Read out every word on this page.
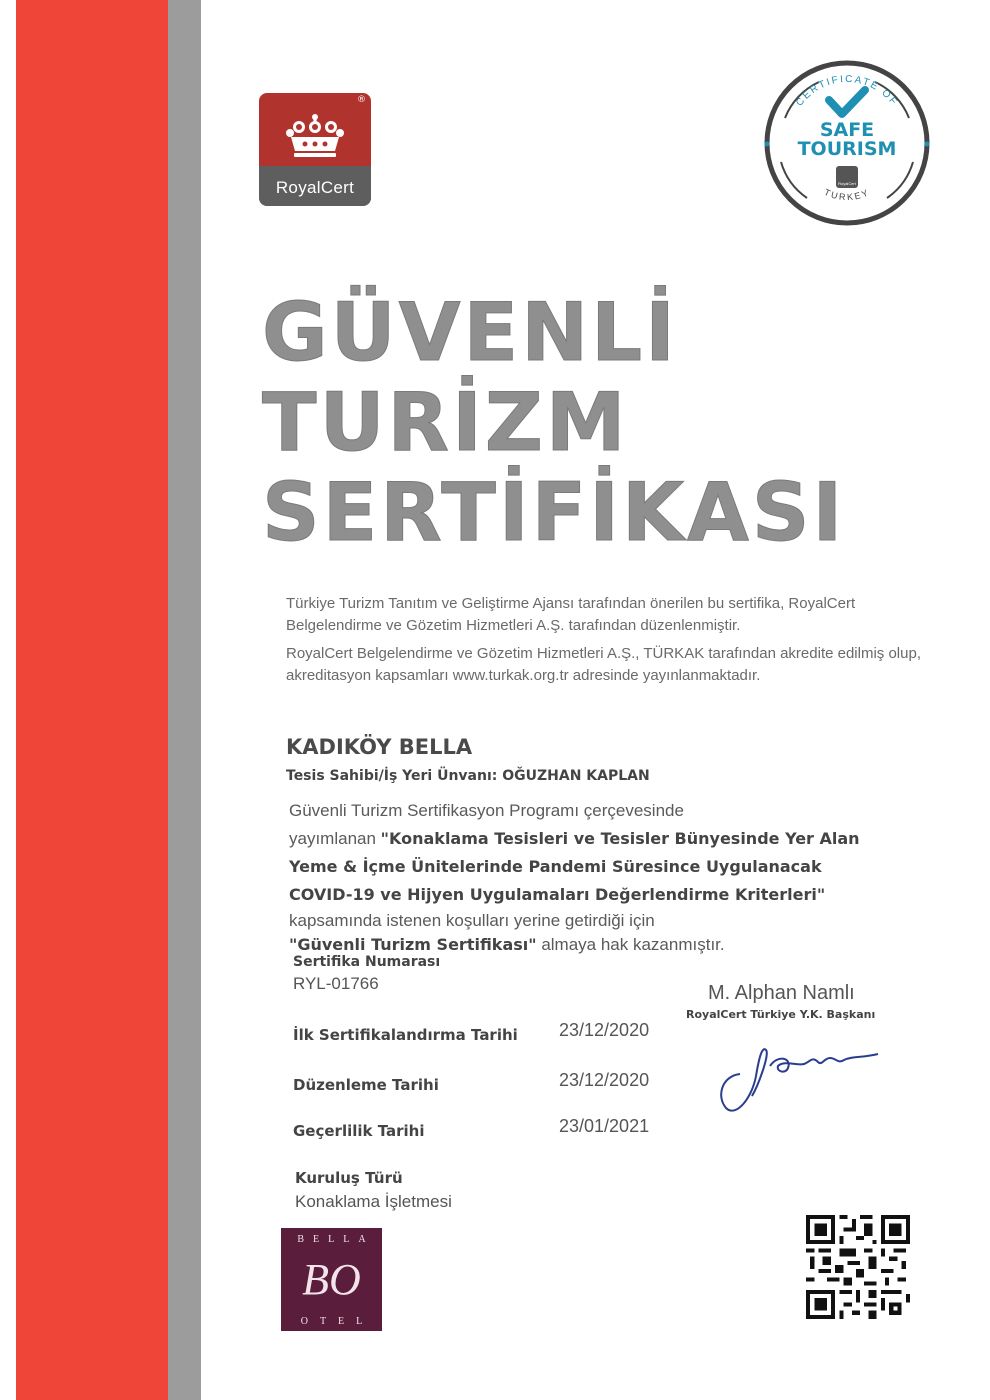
®
RoyalCert
CERTIFICATE OF
TURKEY
SAFE
TOURISM
RoyalCert
GÜVENLİ
TURİZM
SERTİFİKASI

Türkiye Turizm Tanıtım ve Geliştirme Ajansı tarafından önerilen bu sertifika, RoyalCert Belgelendirme ve Gözetim Hizmetleri A.Ş. tarafından düzenlenmiştir.

RoyalCert Belgelendirme ve Gözetim Hizmetleri A.Ş., TÜRKAK tarafından akredite edilmiş olup, akreditasyon kapsamları www.turkak.org.tr adresinde yayınlanmaktadır.

KADIKÖY BELLA
Tesis Sahibi/İş Yeri Ünvanı: OĞUZHAN KAPLAN
Güvenli Turizm Sertifikasyon Programı çerçevesinde
yayımlanan "Konaklama Tesisleri ve Tesisler Bünyesinde Yer Alan
Yeme & İçme Ünitelerinde Pandemi Süresince Uygulanacak
COVID-19 ve Hijyen Uygulamaları Değerlendirme Kriterleri"
kapsamında istenen koşulları yerine getirdiği için
"Güvenli Turizm Sertifikası" almaya hak kazanmıştır.
Sertifika Numarası
RYL-01766
İlk Sertifikalandırma Tarihi 23/12/2020
Düzenleme Tarihi	23/12/2020
Geçerlilik Tarihi	23/01/2021
Kuruluş Türü
Konaklama İşletmesi
M. Alphan Namlı
RoyalCert Türkiye Y.K. Başkanı
BELLA
BO
OTEL
